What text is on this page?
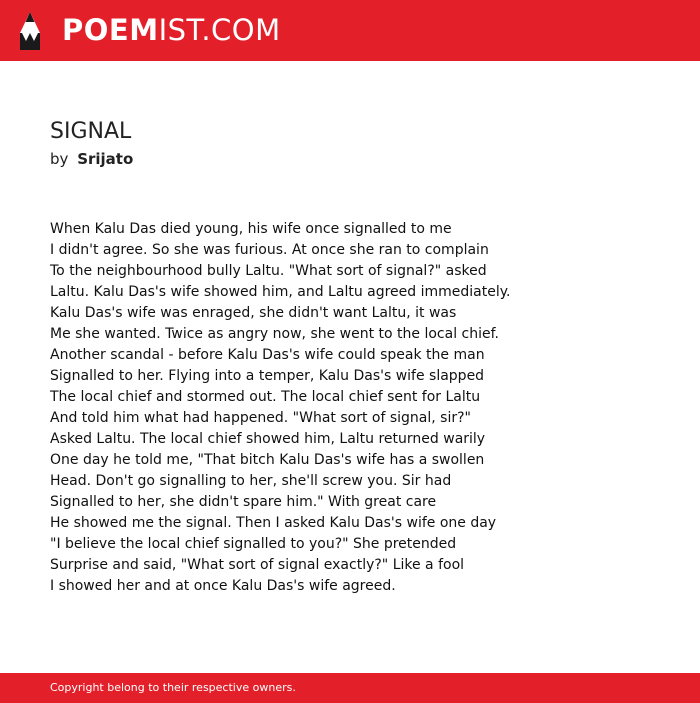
POEMIST.COM
SIGNAL
by Srijato
When Kalu Das died young, his wife once signalled to me
I didn't agree. So she was furious. At once she ran to complain
To the neighbourhood bully Laltu. "What sort of signal?" asked
Laltu. Kalu Das's wife showed him, and Laltu agreed immediately.
Kalu Das's wife was enraged, she didn't want Laltu, it was
Me she wanted. Twice as angry now, she went to the local chief.
Another scandal - before Kalu Das's wife could speak the man
Signalled to her. Flying into a temper, Kalu Das's wife slapped
The local chief and stormed out. The local chief sent for Laltu
And told him what had happened. "What sort of signal, sir?"
Asked Laltu. The local chief showed him, Laltu returned warily
One day he told me, "That bitch Kalu Das's wife has a swollen
Head. Don't go signalling to her, she'll screw you. Sir had
Signalled to her, she didn't spare him." With great care
He showed me the signal. Then I asked Kalu Das's wife one day
"I believe the local chief signalled to you?" She pretended
Surprise and said, "What sort of signal exactly?" Like a fool
I showed her and at once Kalu Das's wife agreed.
Copyright belong to their respective owners.
